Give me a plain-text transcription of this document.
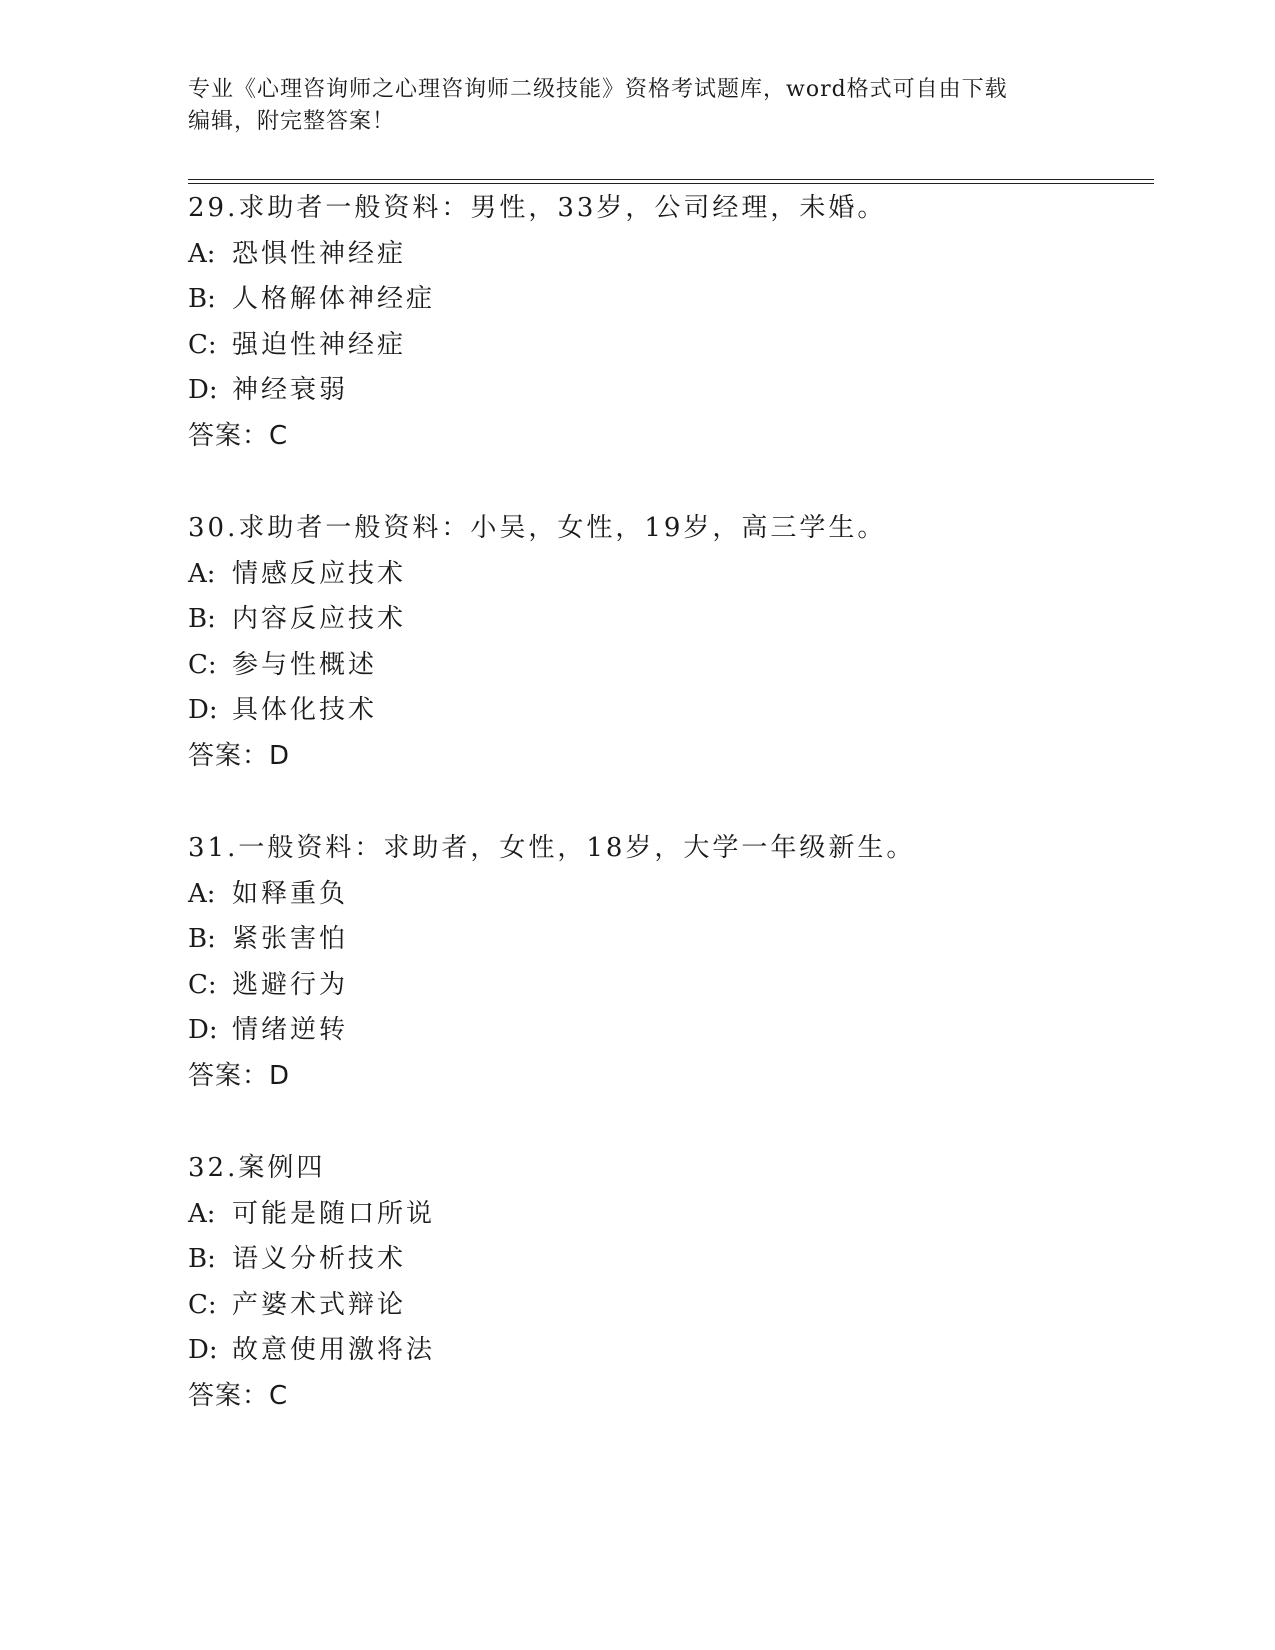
专业《心理咨询师之心理咨询师二级技能》资格考试题库，word格式可自由下载
编辑，附完整答案！
29.求助者一般资料：男性，33岁，公司经理，未婚。
A: 恐惧性神经症
B: 人格解体神经症
C: 强迫性神经症
D: 神经衰弱
答案：C
30.求助者一般资料：小吴，女性，19岁，高三学生。
A: 情感反应技术
B: 内容反应技术
C: 参与性概述
D: 具体化技术
答案：D
31.一般资料：求助者，女性，18岁，大学一年级新生。
A: 如释重负
B: 紧张害怕
C: 逃避行为
D: 情绪逆转
答案：D
32.案例四
A: 可能是随口所说
B: 语义分析技术
C: 产婆术式辩论
D: 故意使用激将法
答案：C
